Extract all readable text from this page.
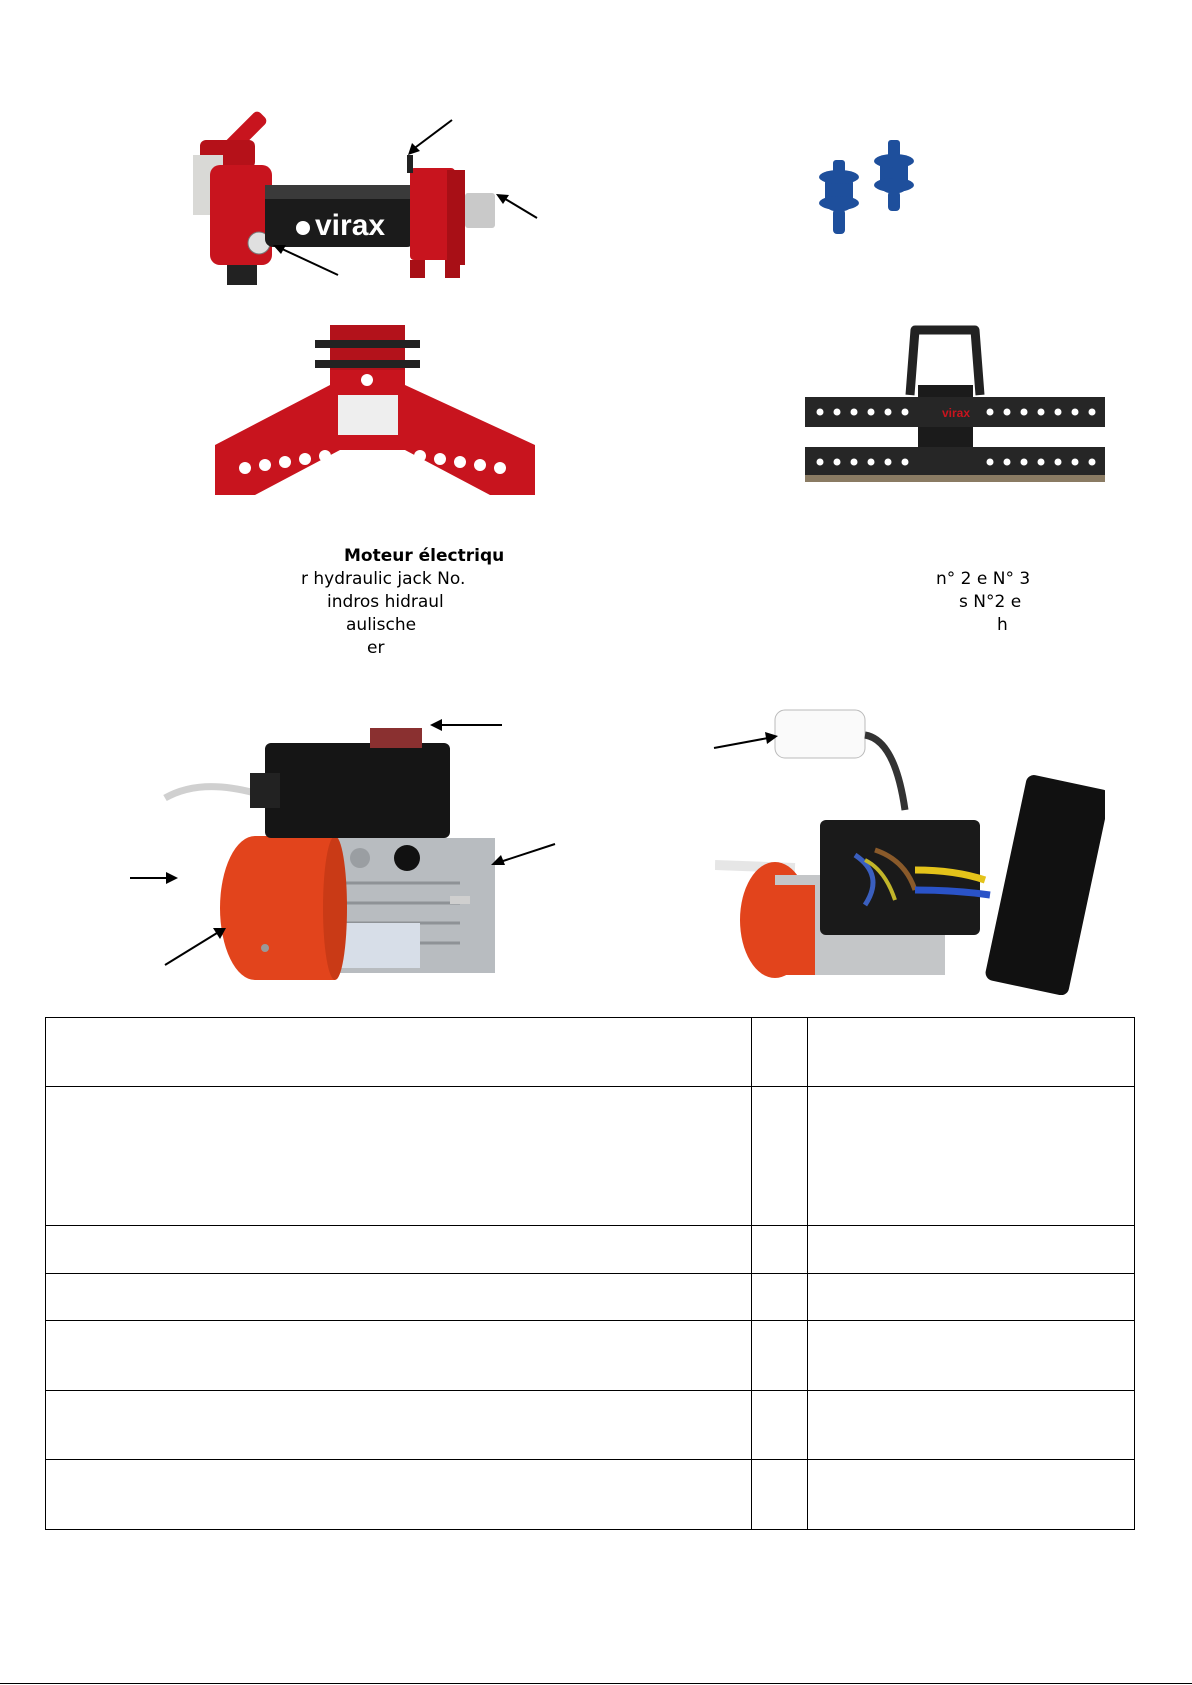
virax
virax
Moteur électriqu
r hydraulic jack No.
indros hidraul
aulische
er
n° 2 e N° 3
s N°2 e
h
